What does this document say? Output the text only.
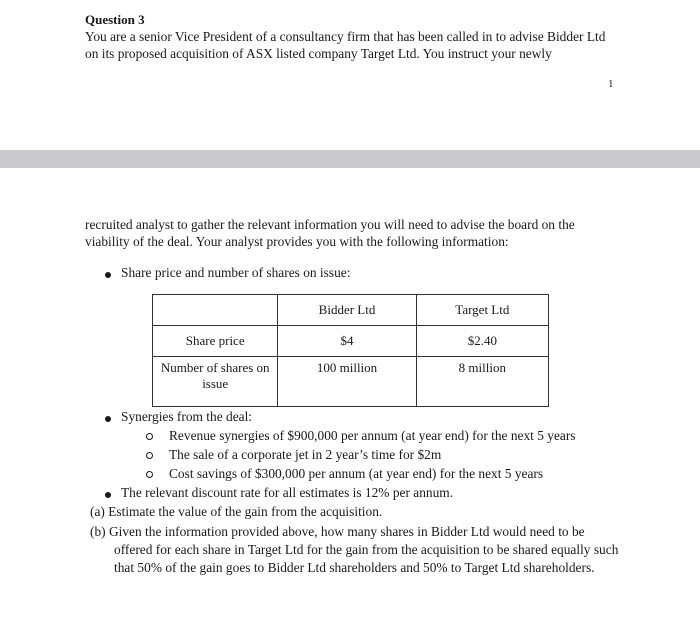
Question 3

You are a senior Vice President of a consultancy firm that has been called in to advise Bidder Ltd on its proposed acquisition of ASX listed company Target Ltd. You instruct your newly

1

recruited analyst to gather the relevant information you will need to advise the board on the viability of the deal. Your analyst provides you with the following information:

Share price and number of shares on issue:
	Bidder Ltd	Target Ltd
Share price	$4	$2.40
Number of shares on issue	100 million	8 million
Synergies from the deal:
Revenue synergies of $900,000 per annum (at year end) for the next 5 years
The sale of a corporate jet in 2 year’s time for $2m
Cost savings of $300,000 per annum (at year end) for the next 5 years
The relevant discount rate for all estimates is 12% per annum.
(a) Estimate the value of the gain from the acquisition.

(b) Given the information provided above, how many shares in Bidder Ltd would need to be offered for each share in Target Ltd for the gain from the acquisition to be shared equally such that 50% of the gain goes to Bidder Ltd shareholders and 50% to Target Ltd shareholders.
